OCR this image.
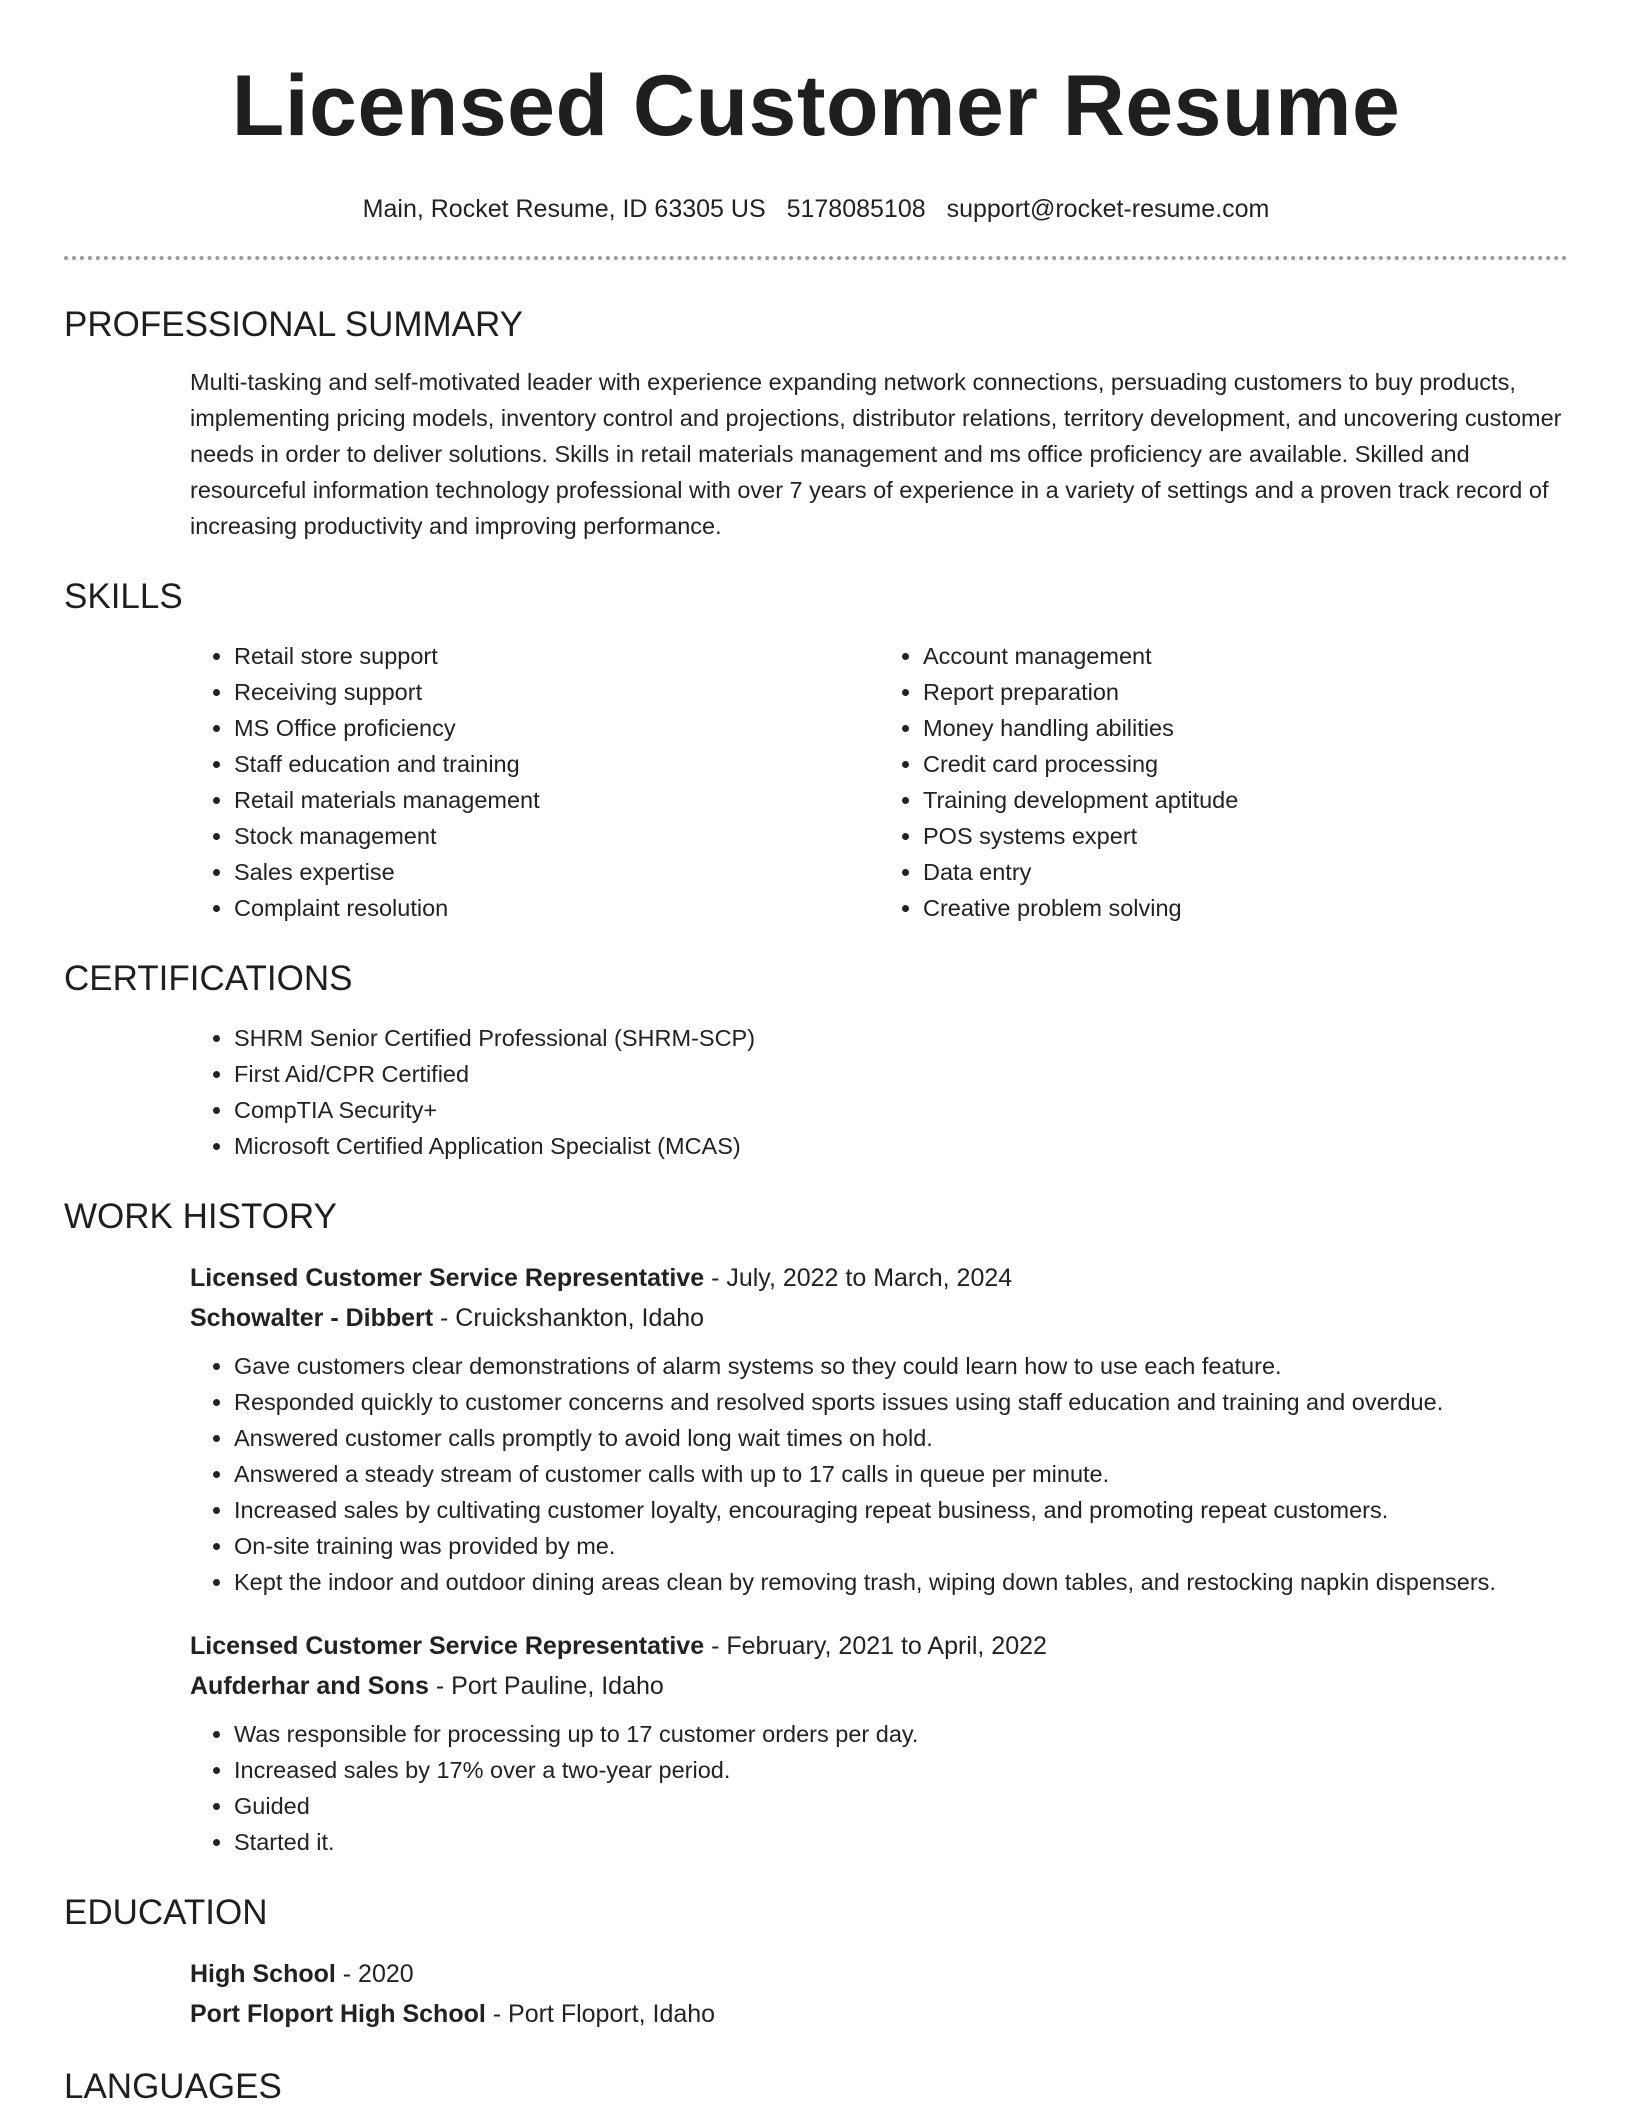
Licensed Customer Resume
Main, Rocket Resume, ID 63305 US 5178085108 support@rocket-resume.com
PROFESSIONAL SUMMARY
Multi-tasking and self-motivated leader with experience expanding network connections, persuading customers to buy products, implementing pricing models, inventory control and projections, distributor relations, territory development, and uncovering customer needs in order to deliver solutions. Skills in retail materials management and ms office proficiency are available. Skilled and resourceful information technology professional with over 7 years of experience in a variety of settings and a proven track record of increasing productivity and improving performance.
SKILLS
• Retail store support
• Receiving support
• MS Office proficiency
• Staff education and training
• Retail materials management
• Stock management
• Sales expertise
• Complaint resolution
• Account management
• Report preparation
• Money handling abilities
• Credit card processing
• Training development aptitude
• POS systems expert
• Data entry
• Creative problem solving
CERTIFICATIONS
• SHRM Senior Certified Professional (SHRM-SCP)
• First Aid/CPR Certified
• CompTIA Security+
• Microsoft Certified Application Specialist (MCAS)
WORK HISTORY
Licensed Customer Service Representative - July, 2022 to March, 2024
Schowalter - Dibbert - Cruickshankton, Idaho
• Gave customers clear demonstrations of alarm systems so they could learn how to use each feature.
• Responded quickly to customer concerns and resolved sports issues using staff education and training and overdue.
• Answered customer calls promptly to avoid long wait times on hold.
• Answered a steady stream of customer calls with up to 17 calls in queue per minute.
• Increased sales by cultivating customer loyalty, encouraging repeat business, and promoting repeat customers.
• On-site training was provided by me.
• Kept the indoor and outdoor dining areas clean by removing trash, wiping down tables, and restocking napkin dispensers.
Licensed Customer Service Representative - February, 2021 to April, 2022
Aufderhar and Sons - Port Pauline, Idaho
• Was responsible for processing up to 17 customer orders per day.
• Increased sales by 17% over a two-year period.
• Guided
• Started it.
EDUCATION
High School - 2020
Port Floport High School - Port Floport, Idaho
LANGUAGES
